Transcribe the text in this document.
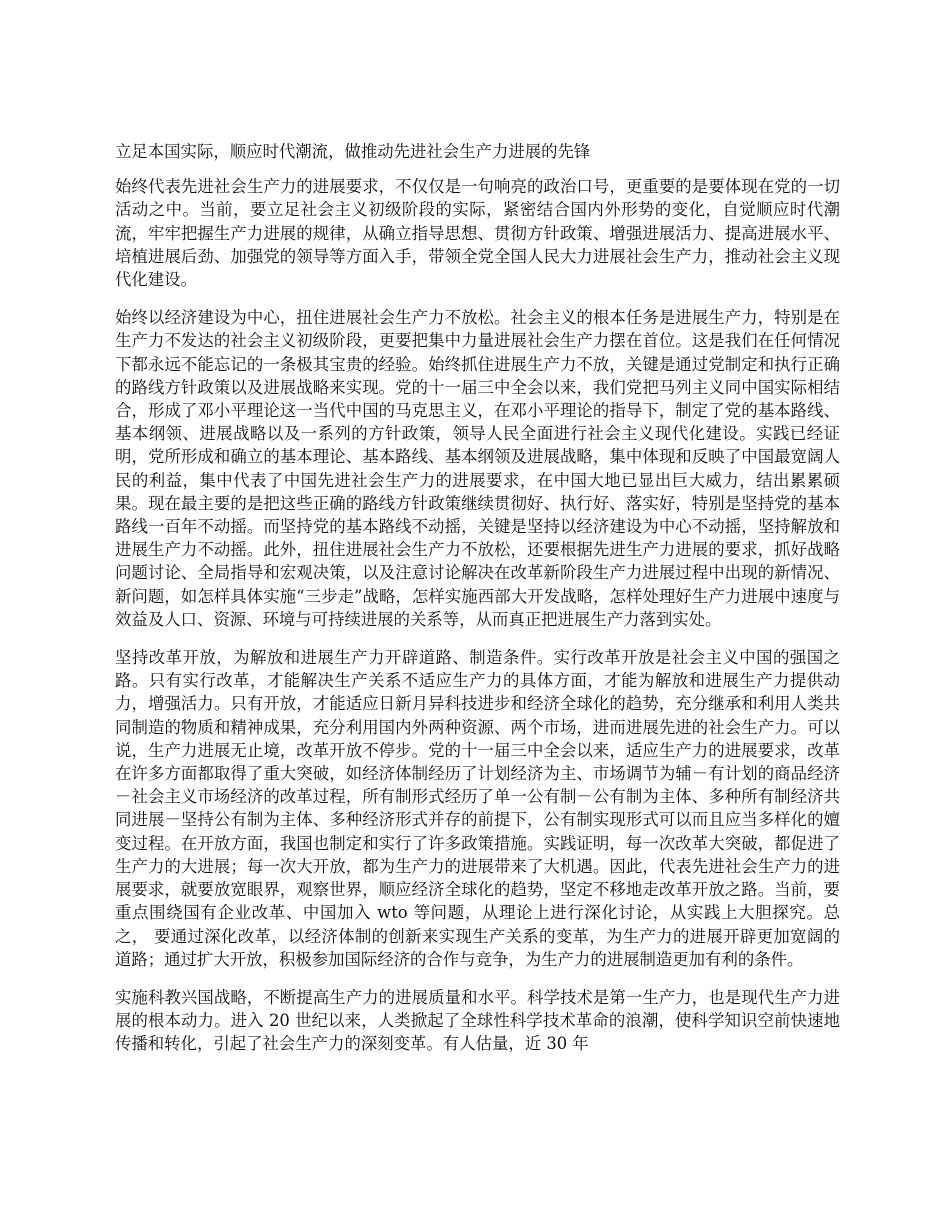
立足本国实际，顺应时代潮流，做推动先进社会生产力进展的先锋

始终代表先进社会生产力的进展要求，不仅仅是一句响亮的政治口号，更重要的是要体现在党的一切活动之中。当前，要立足社会主义初级阶段的实际，紧密结合国内外形势的变化，自觉顺应时代潮流，牢牢把握生产力进展的规律，从确立指导思想、贯彻方针政策、增强进展活力、提高进展水平、培植进展后劲、加强党的领导等方面入手，带领全党全国人民大力进展社会生产力，推动社会主义现代化建设。

始终以经济建设为中心，扭住进展社会生产力不放松。社会主义的根本任务是进展生产力，特别是在生产力不发达的社会主义初级阶段，更要把集中力量进展社会生产力摆在首位。这是我们在任何情况下都永远不能忘记的一条极其宝贵的经验。始终抓住进展生产力不放，关键是通过党制定和执行正确的路线方针政策以及进展战略来实现。党的十一届三中全会以来，我们党把马列主义同中国实际相结合，形成了邓小平理论这一当代中国的马克思主义，在邓小平理论的指导下，制定了党的基本路线、基本纲领、进展战略以及一系列的方针政策，领导人民全面进行社会主义现代化建设。实践已经证明，党所形成和确立的基本理论、基本路线、基本纲领及进展战略，集中体现和反映了中国最宽阔人民的利益，集中代表了中国先进社会生产力的进展要求，在中国大地已显出巨大威力，结出累累硕果。现在最主要的是把这些正确的路线方针政策继续贯彻好、执行好、落实好，特别是坚持党的基本路线一百年不动摇。而坚持党的基本路线不动摇，关键是坚持以经济建设为中心不动摇，坚持解放和进展生产力不动摇。此外，扭住进展社会生产力不放松，还要根据先进生产力进展的要求，抓好战略问题讨论、全局指导和宏观决策，以及注意讨论解决在改革新阶段生产力进展过程中出现的新情况、新问题，如怎样具体实施“三步走”战略，怎样实施西部大开发战略，怎样处理好生产力进展中速度与效益及人口、资源、环境与可持续进展的关系等，从而真正把进展生产力落到实处。

坚持改革开放，为解放和进展生产力开辟道路、制造条件。实行改革开放是社会主义中国的强国之路。只有实行改革，才能解决生产关系不适应生产力的具体方面，才能为解放和进展生产力提供动力，增强活力。只有开放，才能适应日新月异科技进步和经济全球化的趋势，充分继承和利用人类共同制造的物质和精神成果，充分利用国内外两种资源、两个市场，进而进展先进的社会生产力。可以说，生产力进展无止境，改革开放不停步。党的十一届三中全会以来，适应生产力的进展要求，改革在许多方面都取得了重大突破，如经济体制经历了计划经济为主、市场调节为辅－有计划的商品经济－社会主义市场经济的改革过程，所有制形式经历了单一公有制－公有制为主体、多种所有制经济共同进展－坚持公有制为主体、多种经济形式并存的前提下，公有制实现形式可以而且应当多样化的嬗变过程。在开放方面，我国也制定和实行了许多政策措施。实践证明，每一次改革大突破，都促进了生产力的大进展；每一次大开放，都为生产力的进展带来了大机遇。因此，代表先进社会生产力的进展要求，就要放宽眼界，观察世界，顺应经济全球化的趋势，坚定不移地走改革开放之路。当前，要重点围绕国有企业改革、中国加入 wto 等问题，从理论上进行深化讨论，从实践上大胆探究。总之， 要通过深化改革，以经济体制的创新来实现生产关系的变革，为生产力的进展开辟更加宽阔的道路；通过扩大开放，积极参加国际经济的合作与竞争，为生产力的进展制造更加有利的条件。

实施科教兴国战略，不断提高生产力的进展质量和水平。科学技术是第一生产力，也是现代生产力进展的根本动力。进入 20 世纪以来，人类掀起了全球性科学技术革命的浪潮，使科学知识空前快速地传播和转化，引起了社会生产力的深刻变革。有人估量，近 30 年
